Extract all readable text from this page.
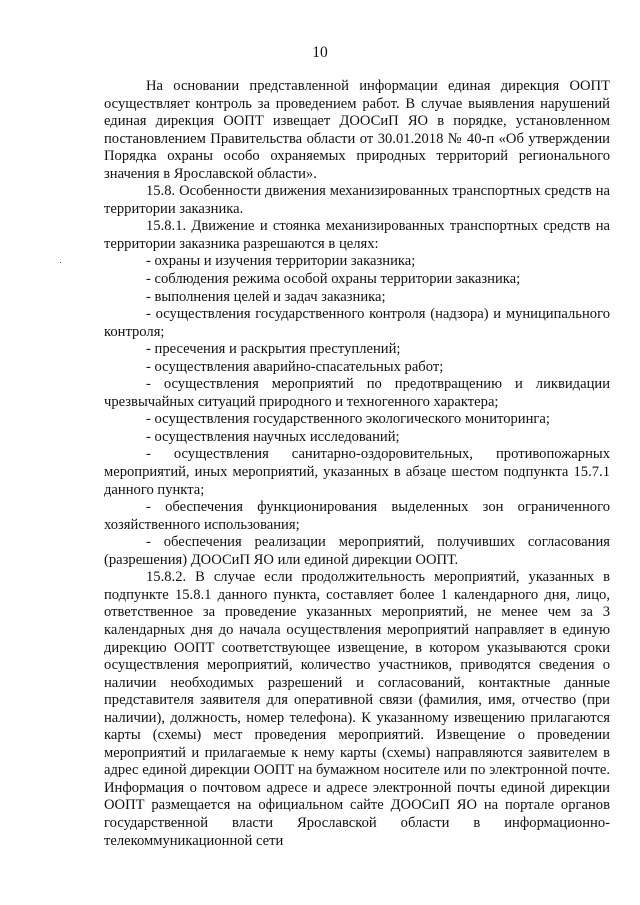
10

На основании представленной информации единая дирекция ООПТ осуществляет контроль за проведением работ. В случае выявления нарушений единая дирекция ООПТ извещает ДООСиП ЯО в порядке, установленном постановлением Правительства области от 30.01.2018 № 40-п «Об утверждении Порядка охраны особо охраняемых природных территорий регионального значения в Ярославской области».

15.8. Особенности движения механизированных транспортных средств на территории заказника.

15.8.1. Движение и стоянка механизированных транспортных средств на территории заказника разрешаются в целях:

- охраны и изучения территории заказника;

- соблюдения режима особой охраны территории заказника;

- выполнения целей и задач заказника;

- осуществления государственного контроля (надзора) и муниципального контроля;

- пресечения и раскрытия преступлений;

- осуществления аварийно-спасательных работ;

- осуществления мероприятий по предотвращению и ликвидации чрезвычайных ситуаций природного и техногенного характера;

- осуществления государственного экологического мониторинга;

- осуществления научных исследований;

- осуществления санитарно-оздоровительных, противопожарных мероприятий, иных мероприятий, указанных в абзаце шестом подпункта 15.7.1 данного пункта;

- обеспечения функционирования выделенных зон ограниченного хозяйственного использования;

- обеспечения реализации мероприятий, получивших согласования (разрешения) ДООСиП ЯО или единой дирекции ООПТ.

15.8.2. В случае если продолжительность мероприятий, указанных в подпункте 15.8.1 данного пункта, составляет более 1 календарного дня, лицо, ответственное за проведение указанных мероприятий, не менее чем за 3 календарных дня до начала осуществления мероприятий направляет в единую дирекцию ООПТ соответствующее извещение, в котором указываются сроки осуществления мероприятий, количество участников, приводятся сведения о наличии необходимых разрешений и согласований, контактные данные представителя заявителя для оперативной связи (фамилия, имя, отчество (при наличии), должность, номер телефона). К указанному извещению прилагаются карты (схемы) мест проведения мероприятий. Извещение о проведении мероприятий и прилагаемые к нему карты (схемы) направляются заявителем в адрес единой дирекции ООПТ на бумажном носителе или по электронной почте. Информация о почтовом адресе и адресе электронной почты единой дирекции ООПТ размещается на официальном сайте ДООСиП ЯО на портале органов государственной власти Ярославской области в информационно-телекоммуникационной сети
